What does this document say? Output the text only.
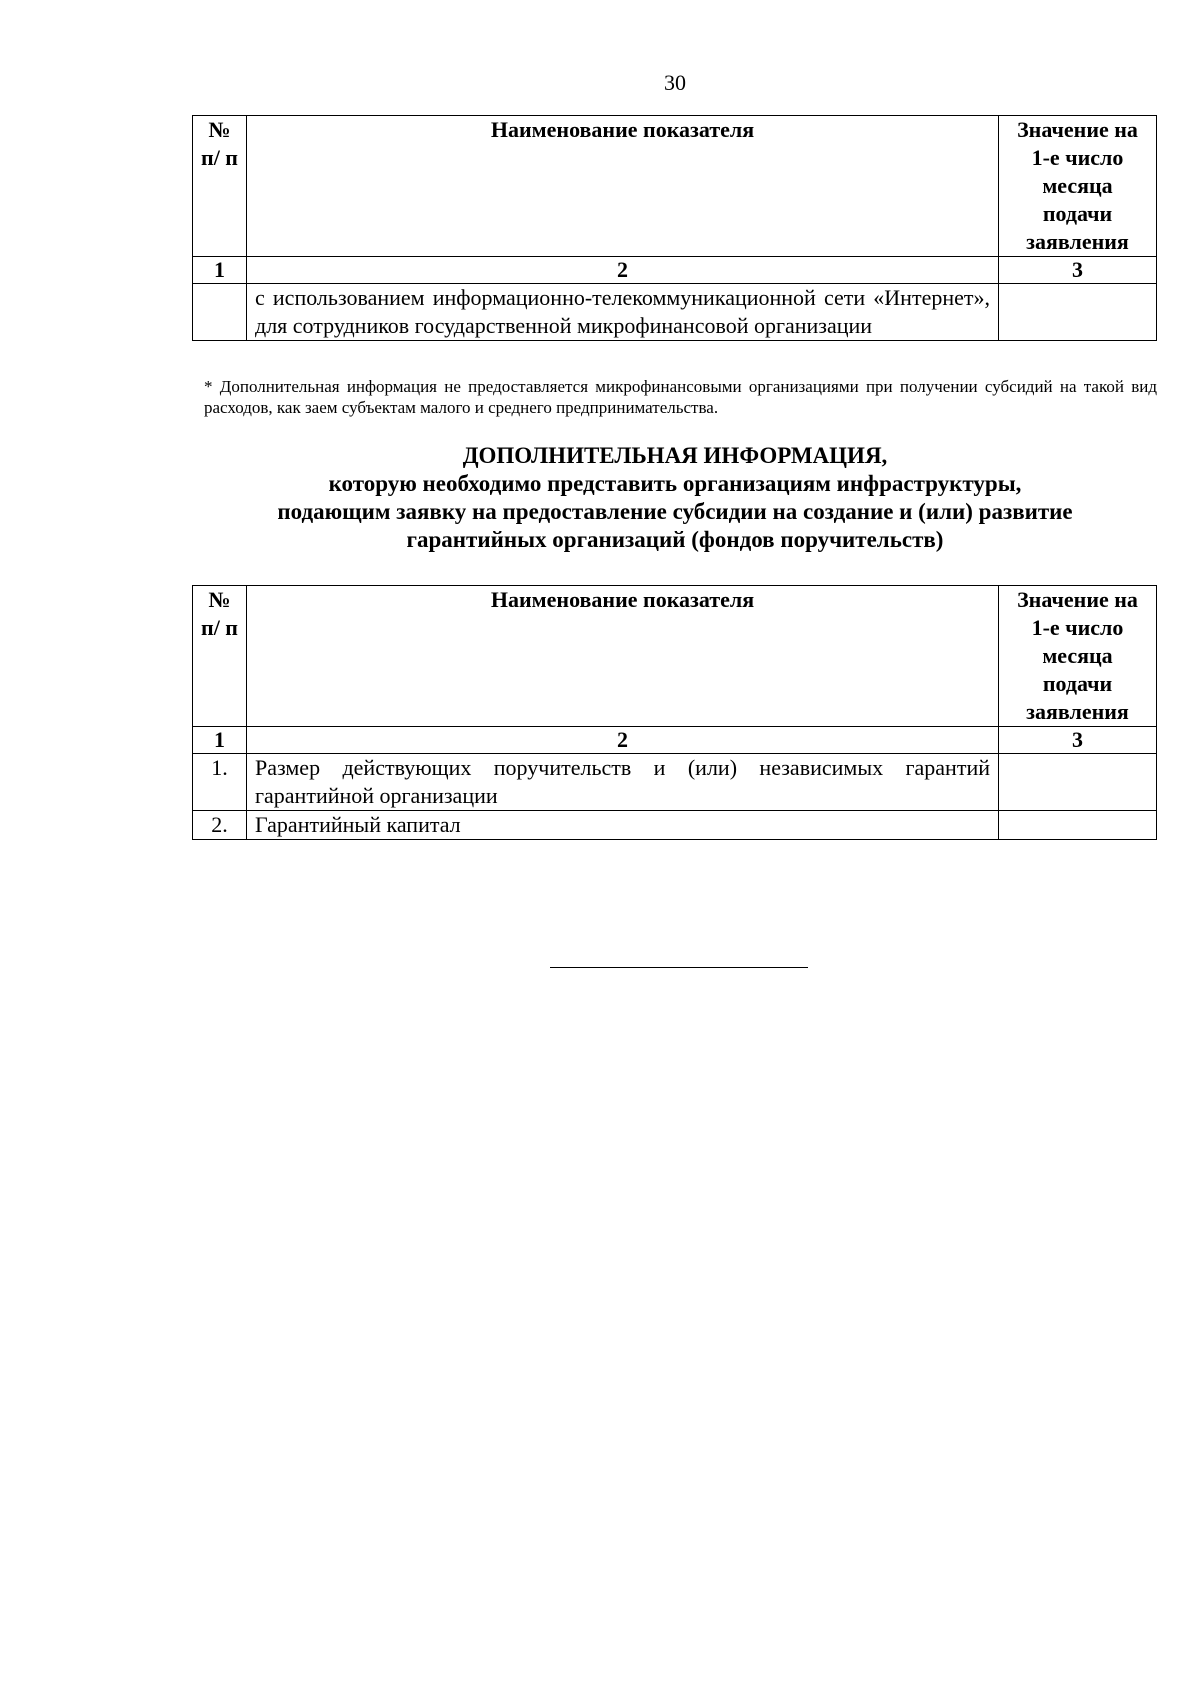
30
№ п/ п	Наименование показателя	Значение на 1-е число месяца подачи заявления
1	2	3
	с использованием информационно-телекоммуникационной сети «Интернет», для сотрудников государственной микрофинансовой организации	
* Дополнительная информация не предоставляется микрофинансовыми организациями при получении субсидий на такой вид расходов, как заем субъектам малого и среднего предпринимательства.
ДОПОЛНИТЕЛЬНАЯ ИНФОРМАЦИЯ,
которую необходимо представить организациям инфраструктуры,
подающим заявку на предоставление субсидии на создание и (или) развитие
гарантийных организаций (фондов поручительств)
№ п/ п	Наименование показателя	Значение на 1-е число месяца подачи заявления
1	2	3
1.	Размер действующих поручительств и (или) независимых гарантий гарантийной организации	
2.	Гарантийный капитал	
